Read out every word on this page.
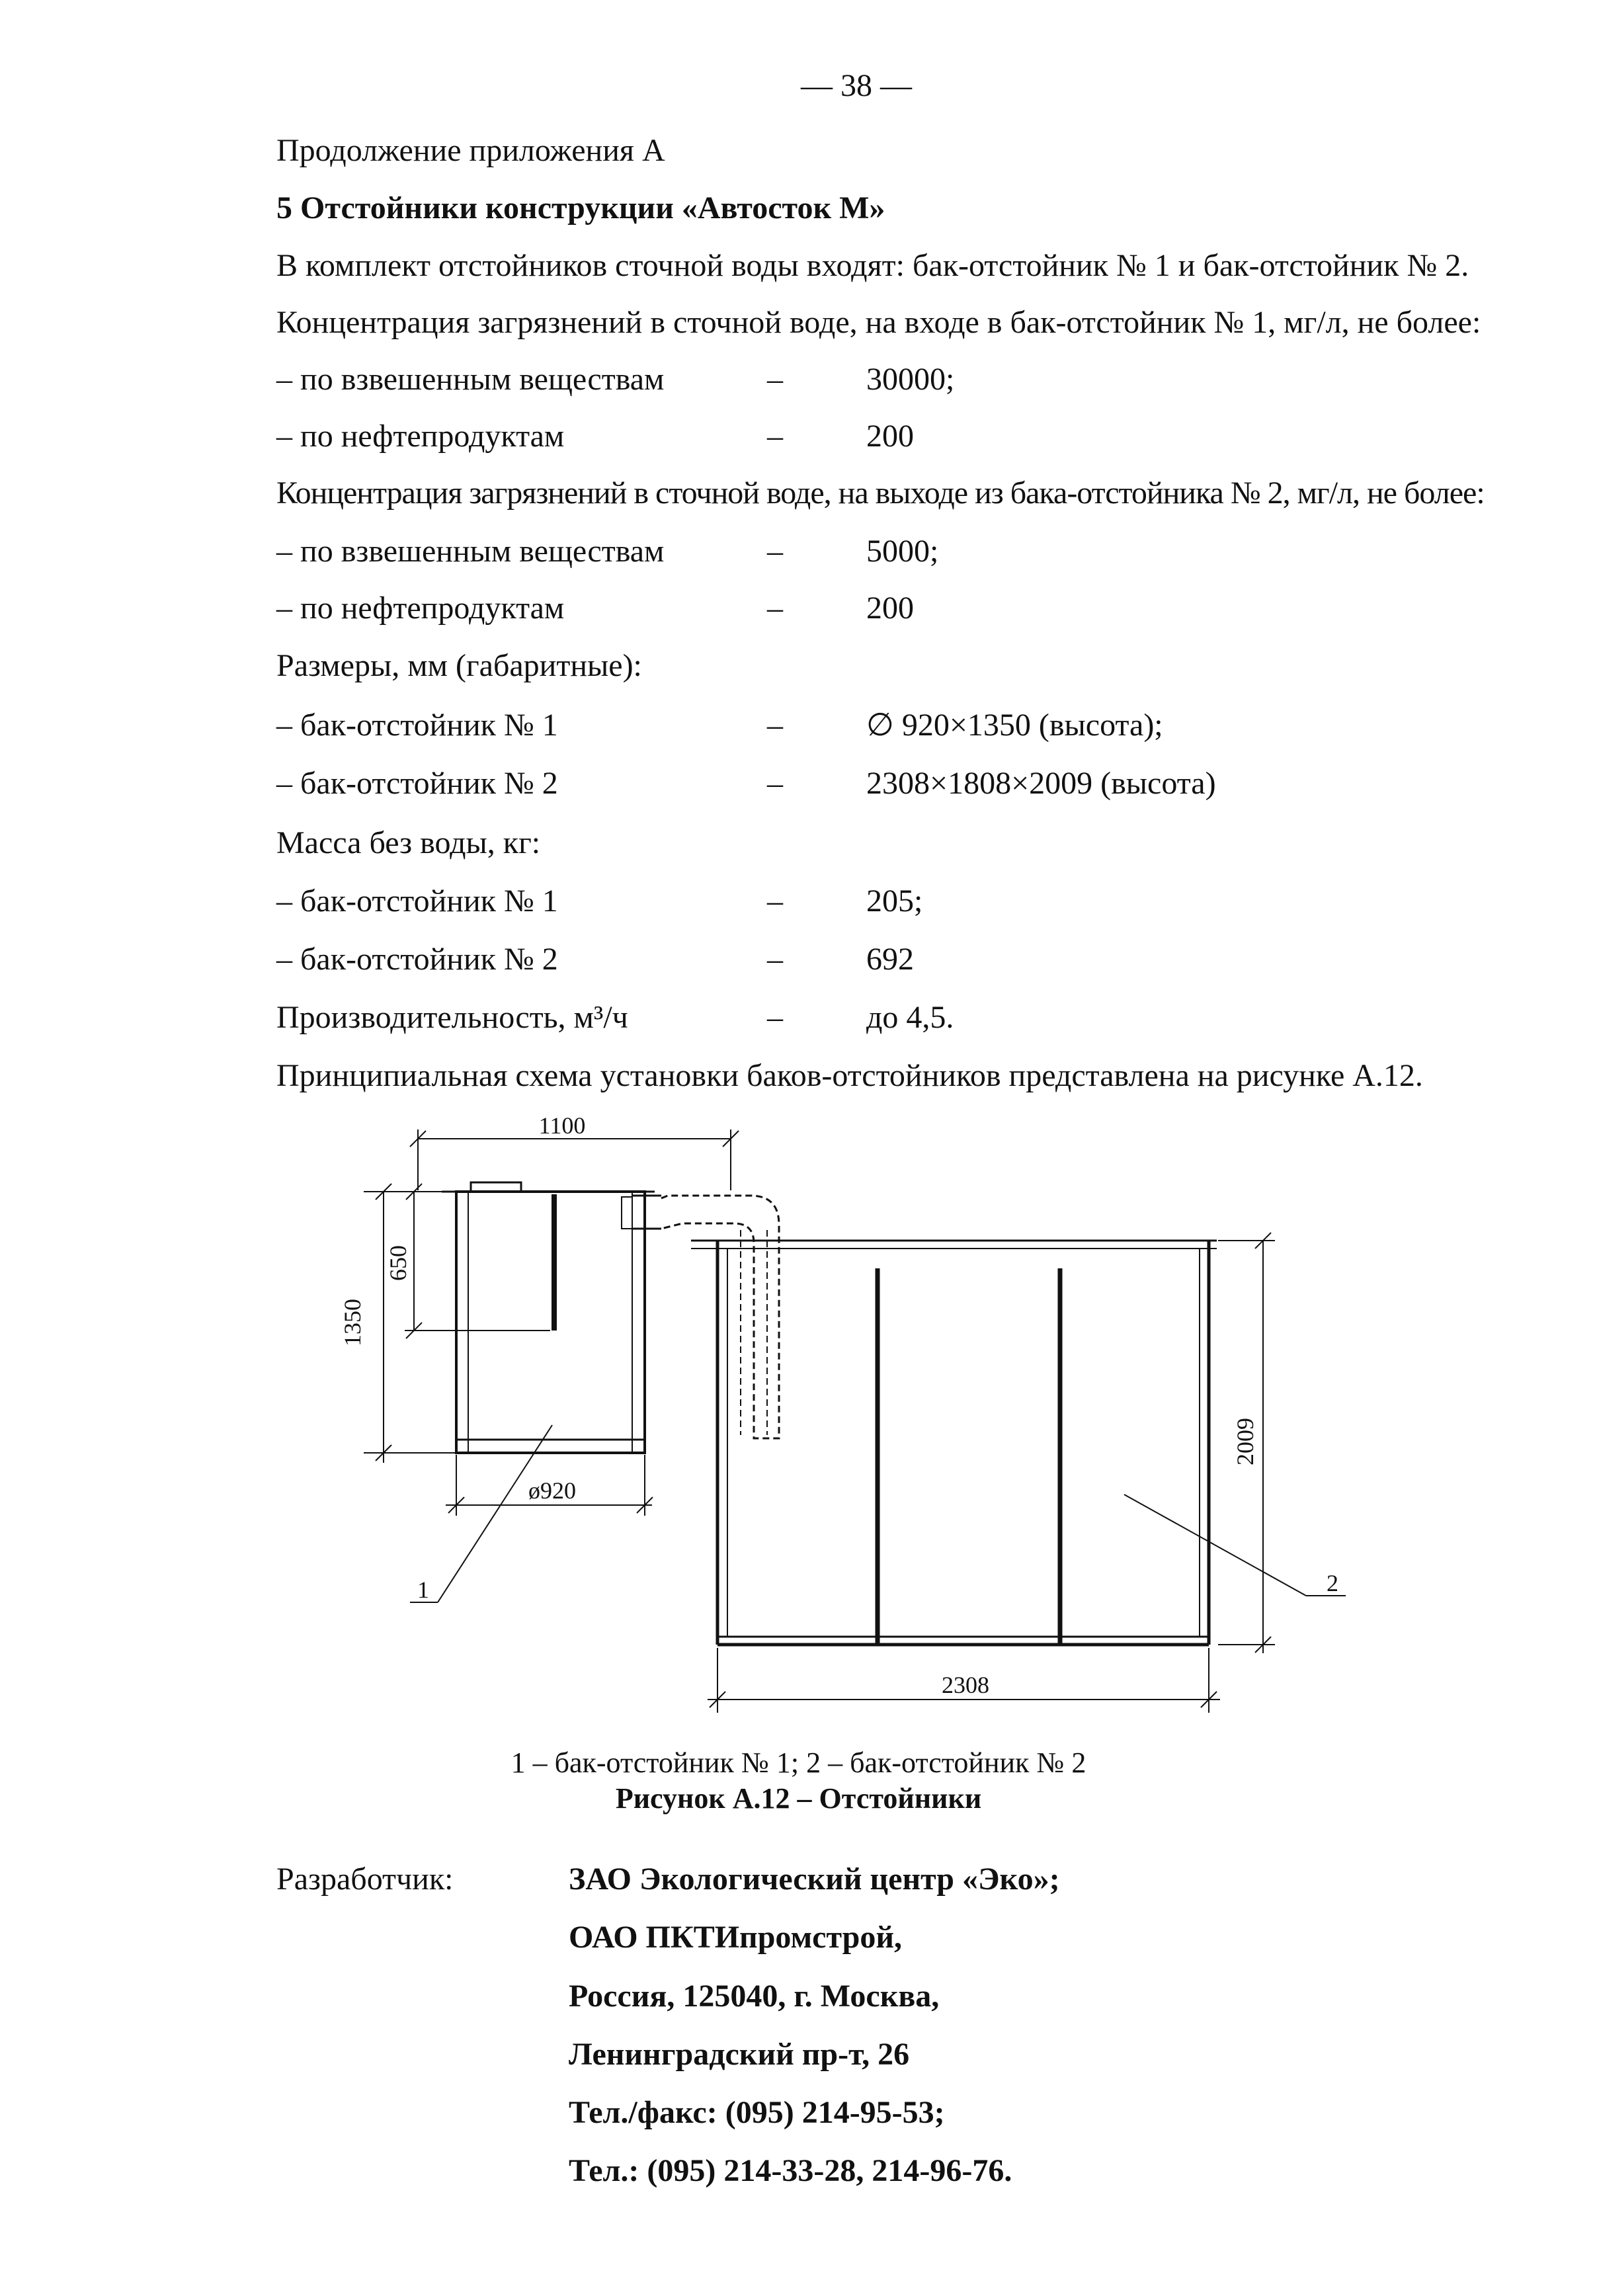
— 38 —
Продолжение приложения А
5 Отстойники конструкции «Автосток М»
В комплект отстойников сточной воды входят: бак-отстойник № 1 и бак-отстойник № 2.
Концентрация загрязнений в сточной воде, на входе в бак-отстойник № 1, мг/л, не более:
– по взвешенным веществам	–	30000;
– по нефтепродуктам	–	200
Концентрация загрязнений в сточной воде, на выходе из бака-отстойника № 2, мг/л, не более:
– по взвешенным веществам	–	5000;
– по нефтепродуктам	–	200
Размеры, мм (габаритные):
– бак-отстойник № 1	–	∅ 920×1350 (высота);
– бак-отстойник № 2	–	2308×1808×2009 (высота)
Масса без воды, кг:
– бак-отстойник № 1	–	205;
– бак-отстойник № 2	–	692
Производительность, м³/ч	–	до 4,5.
Принципиальная схема установки баков-отстойников представлена на рисунке А.12.
1100
1350
650
ø920
2009
2308
1	2
1 – бак-отстойник № 1; 2 – бак-отстойник № 2
Рисунок А.12 – Отстойники
Разработчик:	ЗАО Экологический центр «Эко»;
ОАО ПКТИпромстрой,
Россия, 125040, г. Москва,
Ленинградский пр-т, 26
Тел./факс: (095) 214-95-53;
Тел.: (095) 214-33-28, 214-96-76.
